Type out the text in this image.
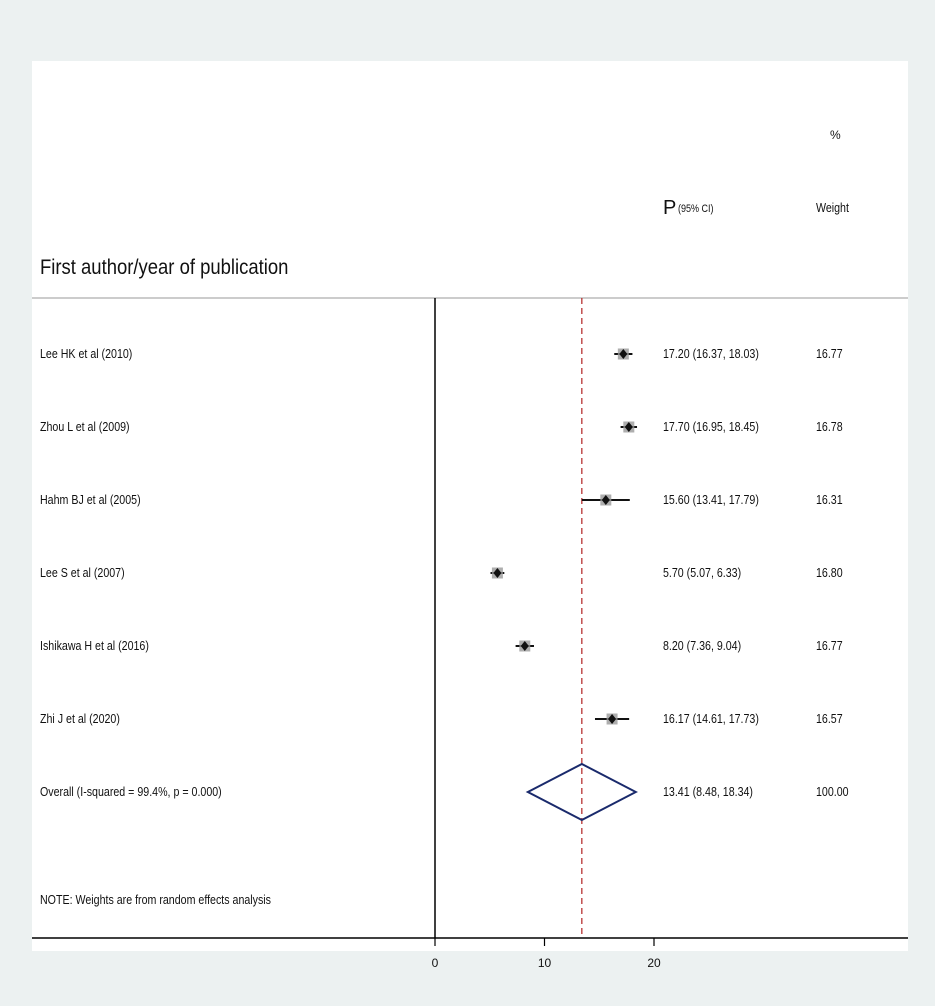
First author/year of publication
P (95% CI)
%
Weight
0	10	20
Lee HK et al (2010)	17.20 (16.37, 18.03)	16.77
Zhou L et al (2009)	17.70 (16.95, 18.45)	16.78
Hahm BJ et al (2005)	15.60 (13.41, 17.79)	16.31
Lee S et al (2007)	5.70 (5.07, 6.33)	16.80
Ishikawa H et al (2016)	8.20 (7.36, 9.04)	16.77
Zhi J et al (2020)	16.17 (14.61, 17.73)	16.57
Overall (I-squared = 99.4%, p = 0.000)	13.41 (8.48, 18.34)	100.00
NOTE: Weights are from random effects analysis
